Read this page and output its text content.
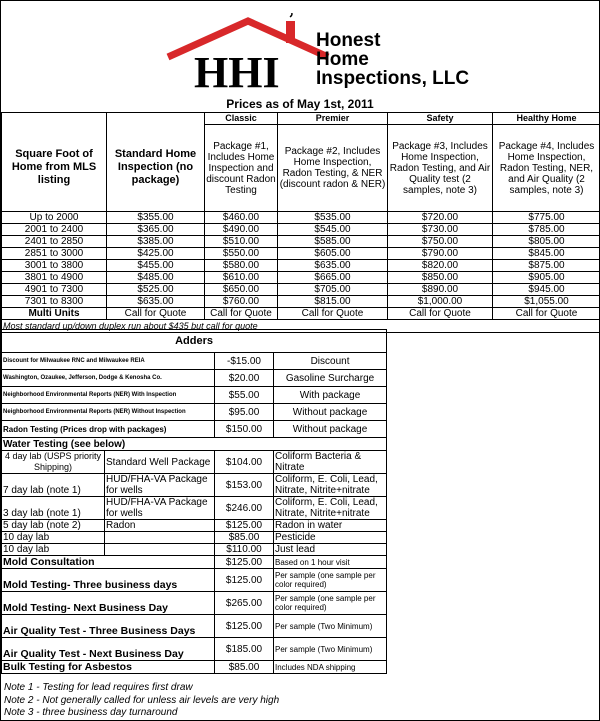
HHI
Honest
Home
Inspections, LLC
Prices as of May 1st, 2011
		Classic	Premier	Safety	Healthy Home
Square Foot of Home from MLS listing	Standard Home Inspection (no package)	Package #1, Includes Home Inspection and discount Radon Testing	Package #2, Includes Home Inspection, Radon Testing, & NER (discount radon & NER)	Package #3, Includes Home Inspection, Radon Testing, and Air Quality test (2 samples, note 3)	Package #4, Includes Home Inspection, Radon Testing, NER, and Air Quality (2 samples, note 3)
Up to 2000	$355.00	$460.00	$535.00	$720.00	$775.00
2001 to 2400	$365.00	$490.00	$545.00	$730.00	$785.00
2401 to 2850	$385.00	$510.00	$585.00	$750.00	$805.00
2851 to 3000	$425.00	$550.00	$605.00	$790.00	$845.00
3001 to 3800	$455.00	$580.00	$635.00	$820.00	$875.00
3801 to 4900	$485.00	$610.00	$665.00	$850.00	$905.00
4901 to 7300	$525.00	$650.00	$705.00	$890.00	$945.00
7301 to 8300	$635.00	$760.00	$815.00	$1,000.00	$1,055.00
Multi Units	Call for Quote	Call for Quote	Call for Quote	Call for Quote	Call for Quote
Most standard up/down duplex run about $435 but call for quote					
Adders			
Discount for Milwaukee RNC and Milwaukee REIA		-$15.00	Discount
Washington, Ozaukee, Jefferson, Dodge & Kenosha Co.		$20.00	Gasoline Surcharge
Neighborhood Environmental Reports (NER) With Inspection		$55.00	With package
Neighborhood Environmental Reports (NER) Without Inspection		$95.00	Without package
Radon Testing (Prices drop with packages)		$150.00	Without package
Water Testing (see below)			
4 day lab (USPS priority Shipping)	Standard Well Package	$104.00	Coliform Bacteria & Nitrate
7 day lab (note 1)	HUD/FHA-VA Package for wells	$153.00	Coliform, E. Coli, Lead, Nitrate, Nitrite+nitrate
3 day lab (note 1)	HUD/FHA-VA Package for wells	$246.00	Coliform, E. Coli, Lead, Nitrate, Nitrite+nitrate
5 day lab (note 2)	Radon	$125.00	Radon in water
10 day lab		$85.00	Pesticide
10 day lab		$110.00	Just lead
Mold Consultation		$125.00	Based on 1 hour visit
Mold Testing- Three business days		$125.00	Per sample (one sample per color required)
Mold Testing- Next Business Day		$265.00	Per sample (one sample per color required)
Air Quality Test - Three Business Days		$125.00	Per sample (Two Minimum)
Air Quality Test - Next Business Day		$185.00	Per sample (Two Minimum)
Bulk Testing for Asbestos		$85.00	Includes NDA shipping
Note 1 - Testing for lead requires first draw
Note 2 - Not generally called for unless air levels are very high
Note 3 - three business day turnaround
